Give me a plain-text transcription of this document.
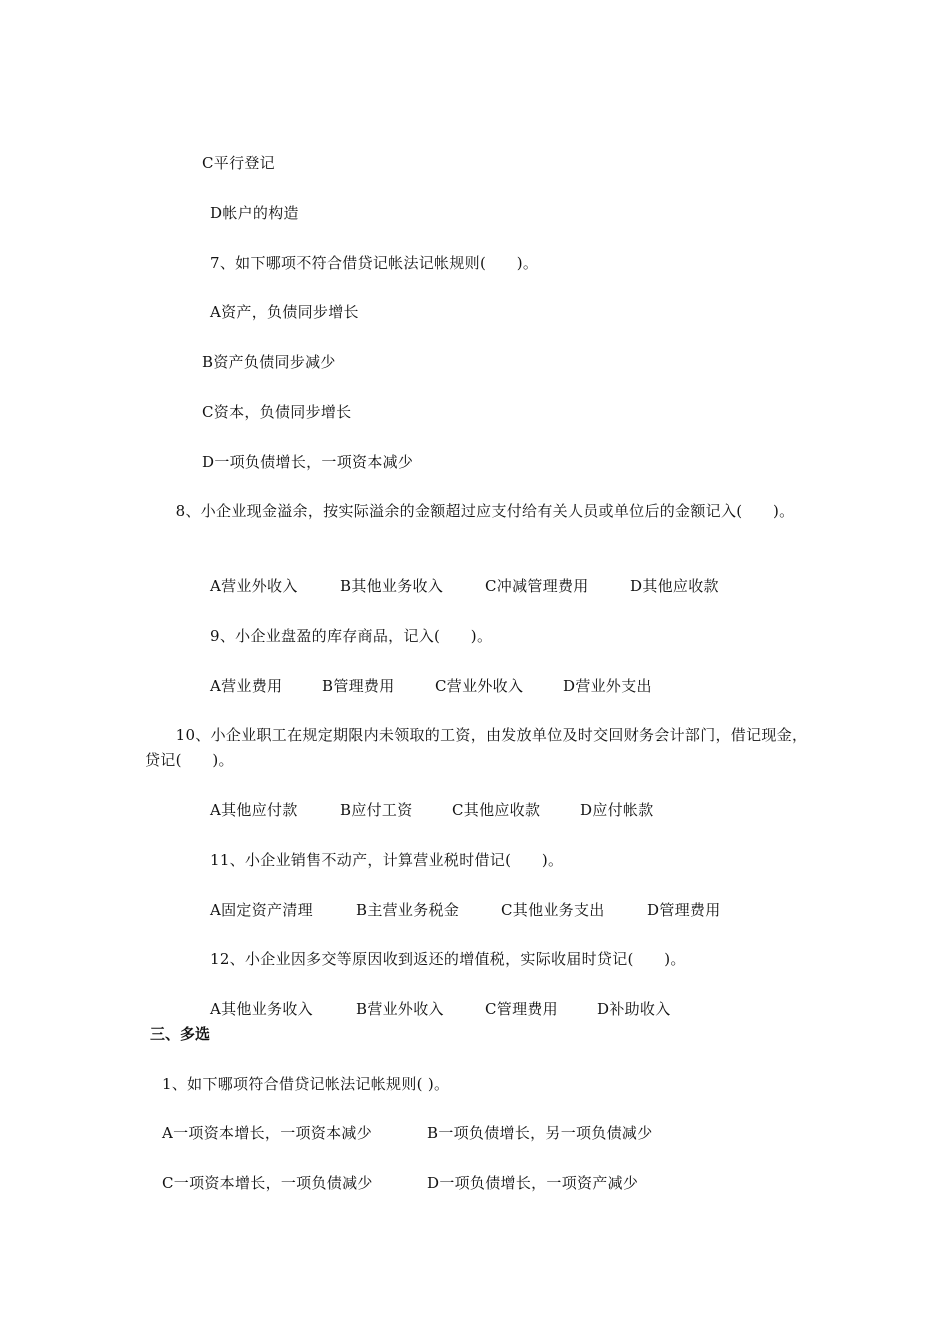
C平行登记
D帐户的构造
7、如下哪项不符合借贷记帐法记帐规则(　　)。
A资产，负债同步增长
B资产负债同步减少
C资本，负债同步增长
D一项负债增长，一项资本减少
　　8、小企业现金溢余，按实际溢余的金额超过应支付给有关人员或单位后的金额记入(　　)。
A营业外收入	B其他业务收入	C冲减管理费用	D其他应收款
9、小企业盘盈的库存商品，记入(　　)。
A营业费用	B管理费用	C营业外收入	D营业外支出
　　10、小企业职工在规定期限内未领取的工资，由发放单位及时交回财务会计部门，借记现金，贷记(　　)。
A其他应付款	B应付工资	C其他应收款	D应付帐款
11、小企业销售不动产，计算营业税时借记(　　)。
A固定资产清理	B主营业务税金	C其他业务支出	D管理费用
12、小企业因多交等原因收到返还的增值税，实际收届时贷记(　　)。
A其他业务收入	B营业外收入	C管理费用	D补助收入
三、多选
1、如下哪项符合借贷记帐法记帐规则( )。
A一项资本增长，一项资本减少	B一项负债增长，另一项负债减少
C一项资本增长，一项负债减少	D一项负债增长，一项资产减少
